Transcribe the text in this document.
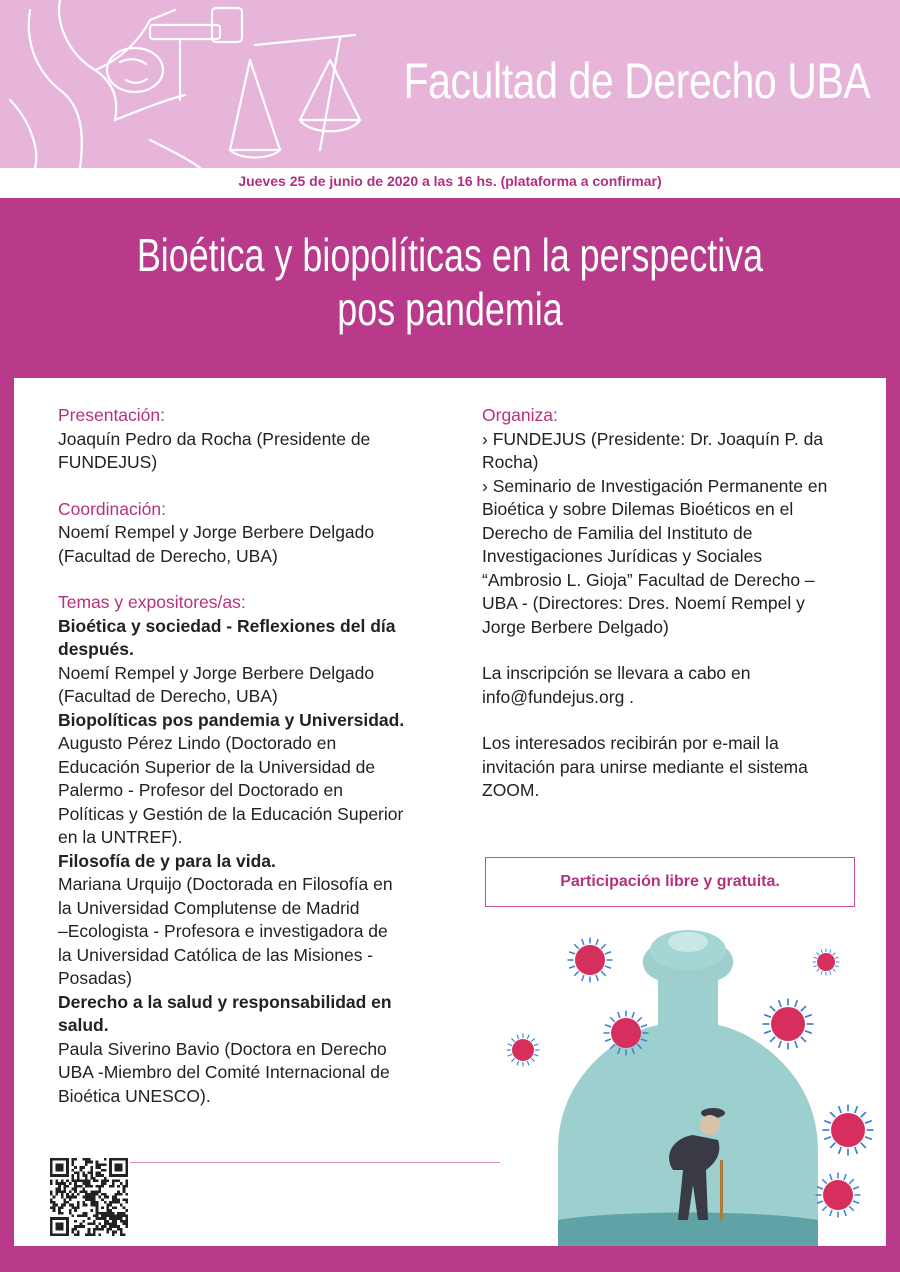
Facultad de Derecho UBA
Jueves 25 de junio de 2020 a las 16 hs. (plataforma a confirmar)
Bioética y biopolíticas en la perspectiva
pos pandemia
Presentación:
Joaquín Pedro da Rocha (Presidente de
FUNDEJUS)
Coordinación:
Noemí Rempel y Jorge Berbere Delgado
(Facultad de Derecho, UBA)
Temas y expositores/as:
Bioética y sociedad - Reflexiones del día
después.
Noemí Rempel y Jorge Berbere Delgado
(Facultad de Derecho, UBA)
Biopolíticas pos pandemia y Universidad.
Augusto Pérez Lindo (Doctorado en
Educación Superior de la Universidad de
Palermo - Profesor del Doctorado en
Políticas y Gestión de la Educación Superior
en la UNTREF).
Filosofía de y para la vida.
Mariana Urquijo (Doctorada en Filosofía en
la Universidad Complutense de Madrid
–Ecologista - Profesora e investigadora de
la Universidad Católica de las Misiones -
Posadas)
Derecho a la salud y responsabilidad en
salud.
Paula Siverino Bavio (Doctora en Derecho
UBA -Miembro del Comité Internacional de
Bioética UNESCO).
Organiza:
› FUNDEJUS (Presidente: Dr. Joaquín P. da
Rocha)
› Seminario de Investigación Permanente en
Bioética y sobre Dilemas Bioéticos en el
Derecho de Familia del Instituto de
Investigaciones Jurídicas y Sociales
“Ambrosio L. Gioja” Facultad de Derecho –
UBA - (Directores: Dres. Noemí Rempel y
Jorge Berbere Delgado)
La inscripción se llevara a cabo en
info@fundejus.org .
Los interesados recibirán por e-mail la
invitación para unirse mediante el sistema
ZOOM.
Participación libre y gratuita.
